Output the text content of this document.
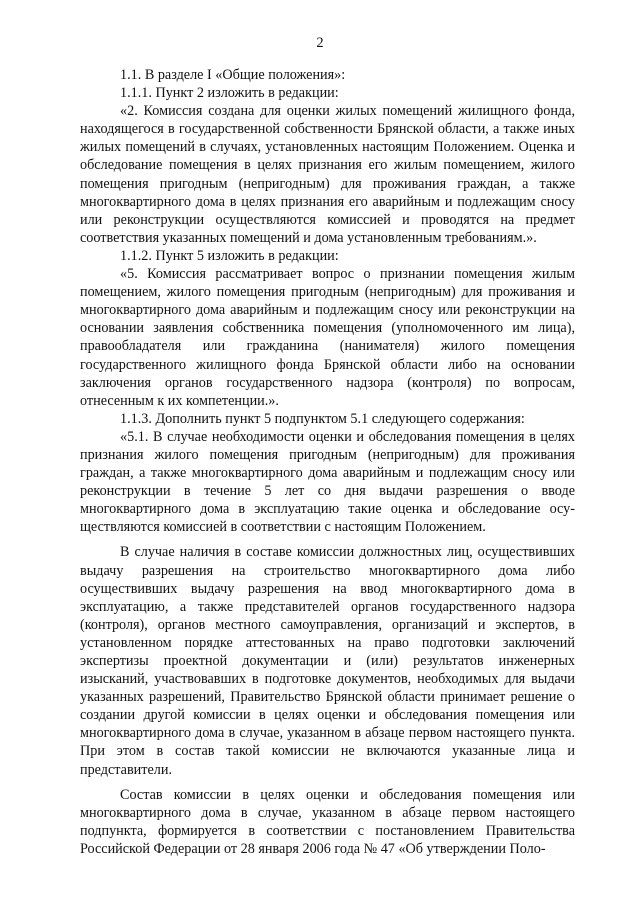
2

1.1. В разделе I «Общие положения»:

1.1.1. Пункт 2 изложить в редакции:

«2. Комиссия создана для оценки жилых помещений жилищного фонда, находящегося в государственной собственности Брянской области, а также иных жилых помещений в случаях, установленных настоящим Положением. Оценка и обследование помещения в целях признания его жилым помещением, жилого помещения пригодным (непригодным) для проживания граждан, а также многоквартирного дома в целях признания его аварийным и подлежащим сносу или реконструкции осуществляются комиссией и проводятся на предмет соответствия указанных помещений и дома установленным требованиям.».

1.1.2. Пункт 5 изложить в редакции:

«5. Комиссия рассматривает вопрос о признании помещения жилым помещением, жилого помещения пригодным (непригодным) для проживания и многоквартирного дома аварийным и подлежащим сносу или реконструкции на основании заявления собственника помещения (уполномоченного им лица), правообладателя или гражданина (нанимателя) жилого помещения государственного жилищного фонда Брянской области либо на основании заключения органов государственного надзора (контроля) по вопросам, отнесенным к их компетенции.».

1.1.3. Дополнить пункт 5 подпунктом 5.1 следующего содержания:

«5.1. В случае необходимости оценки и обследования помещения в целях признания жилого помещения пригодным (непригодным) для проживания граждан, а также многоквартирного дома аварийным и подлежащим сносу или реконструкции в течение 5 лет со дня выдачи разрешения о вводе многоквартирного дома в эксплуатацию такие оценка и обследование осуществляются комиссией в соответствии с настоящим Положением.

В случае наличия в составе комиссии должностных лиц, осуществивших выдачу разрешения на строительство многоквартирного дома либо осуществивших выдачу разрешения на ввод многоквартирного дома в эксплуатацию, а также представителей органов государственного надзора (контроля), органов местного самоуправления, организаций и экспертов, в установленном порядке аттестованных на право подготовки заключений экспертизы проектной документации и (или) результатов инженерных изысканий, участвовавших в подготовке документов, необходимых для выдачи указанных разрешений, Правительство Брянской области принимает решение о создании другой комиссии в целях оценки и обследования помещения или многоквартирного дома в случае, указанном в абзаце первом настоящего пункта. При этом в состав такой комиссии не включаются указанные лица и представители.

Состав комиссии в целях оценки и обследования помещения или многоквартирного дома в случае, указанном в абзаце первом настоящего подпункта, формируется в соответствии с постановлением Правительства Российской Федерации от 28 января 2006 года № 47 «Об утверждении Поло-
